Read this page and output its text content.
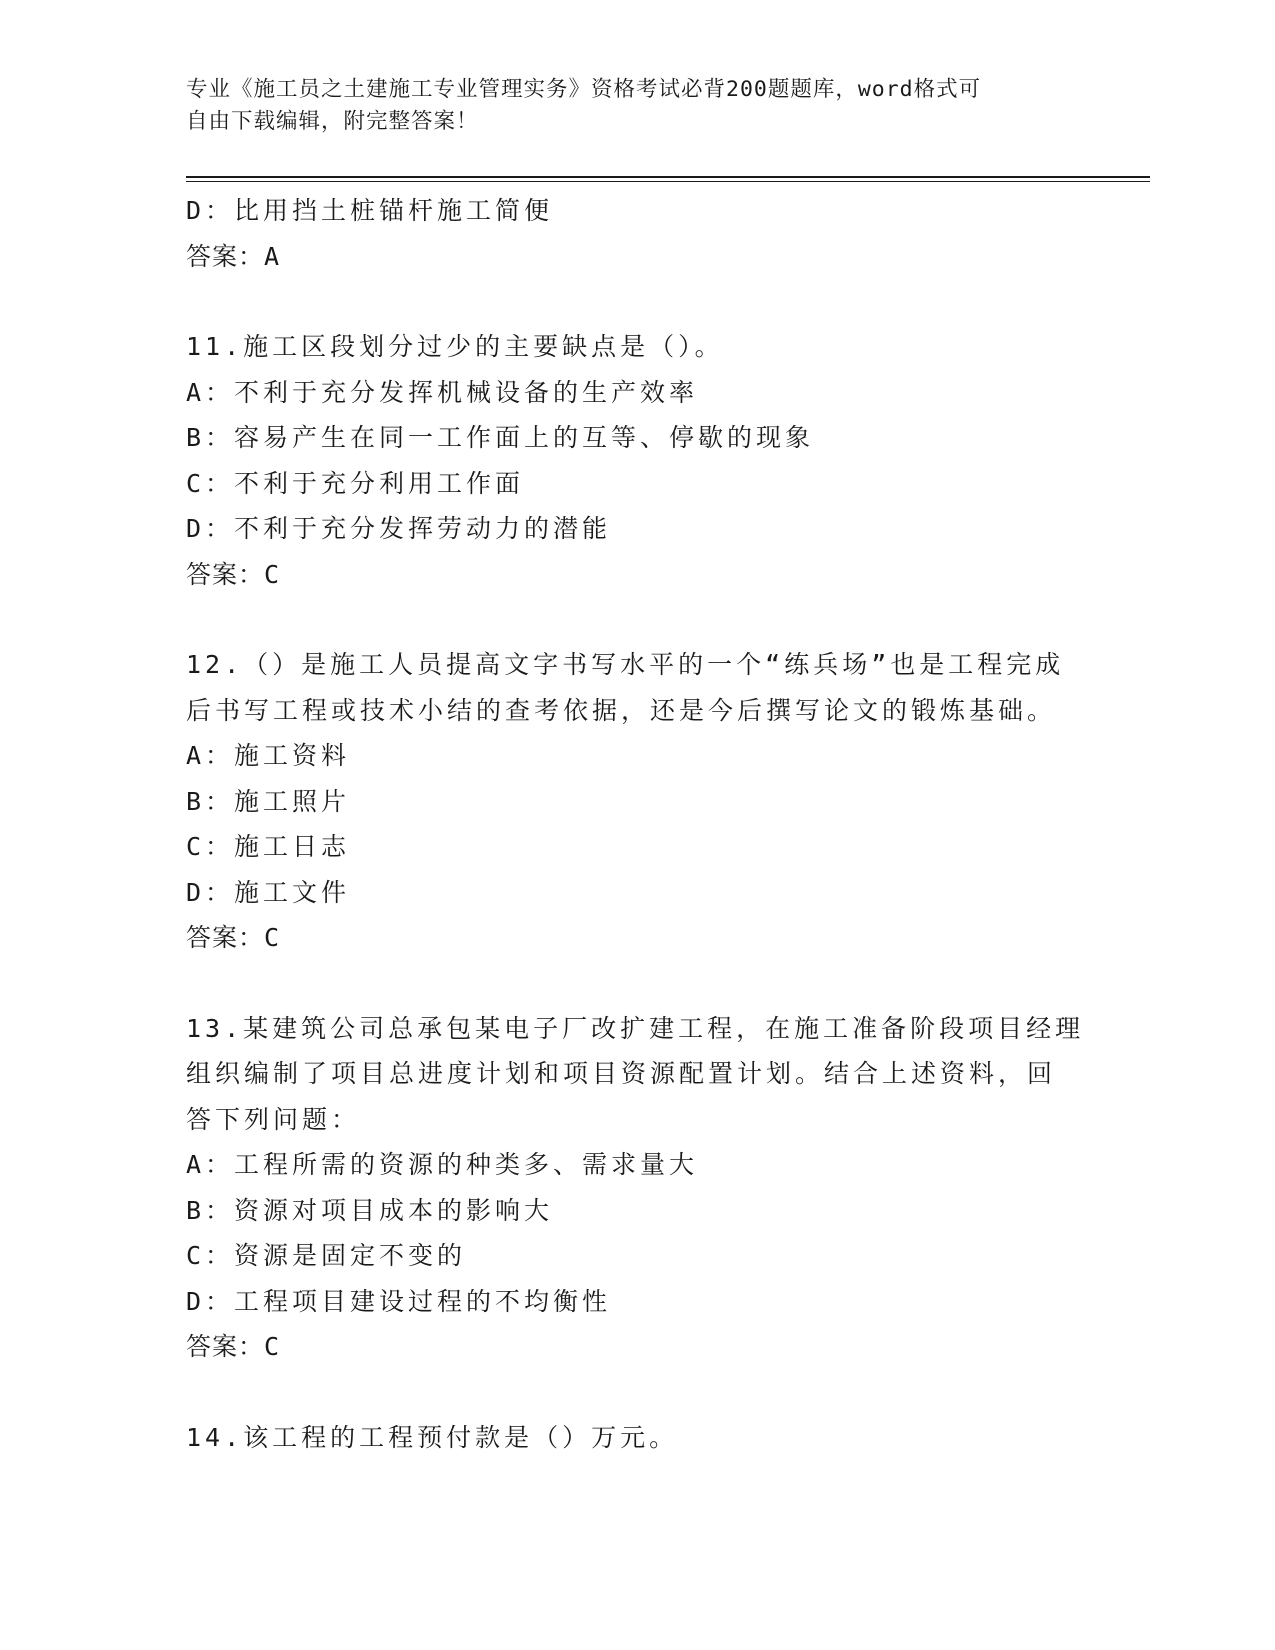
专业《施工员之土建施工专业管理实务》资格考试必背200题题库，word格式可
自由下载编辑，附完整答案！
D：比用挡土桩锚杆施工简便
答案：A
11.施工区段划分过少的主要缺点是（）。
A：不利于充分发挥机械设备的生产效率
B：容易产生在同一工作面上的互等、停歇的现象
C：不利于充分利用工作面
D：不利于充分发挥劳动力的潜能
答案：C
12.（）是施工人员提高文字书写水平的一个“练兵场”也是工程完成
后书写工程或技术小结的查考依据，还是今后撰写论文的锻炼基础。
A：施工资料
B：施工照片
C：施工日志
D：施工文件
答案：C
13.某建筑公司总承包某电子厂改扩建工程，在施工准备阶段项目经理
组织编制了项目总进度计划和项目资源配置计划。结合上述资料，回
答下列问题：
A：工程所需的资源的种类多、需求量大
B：资源对项目成本的影响大
C：资源是固定不变的
D：工程项目建设过程的不均衡性
答案：C
14.该工程的工程预付款是（）万元。
